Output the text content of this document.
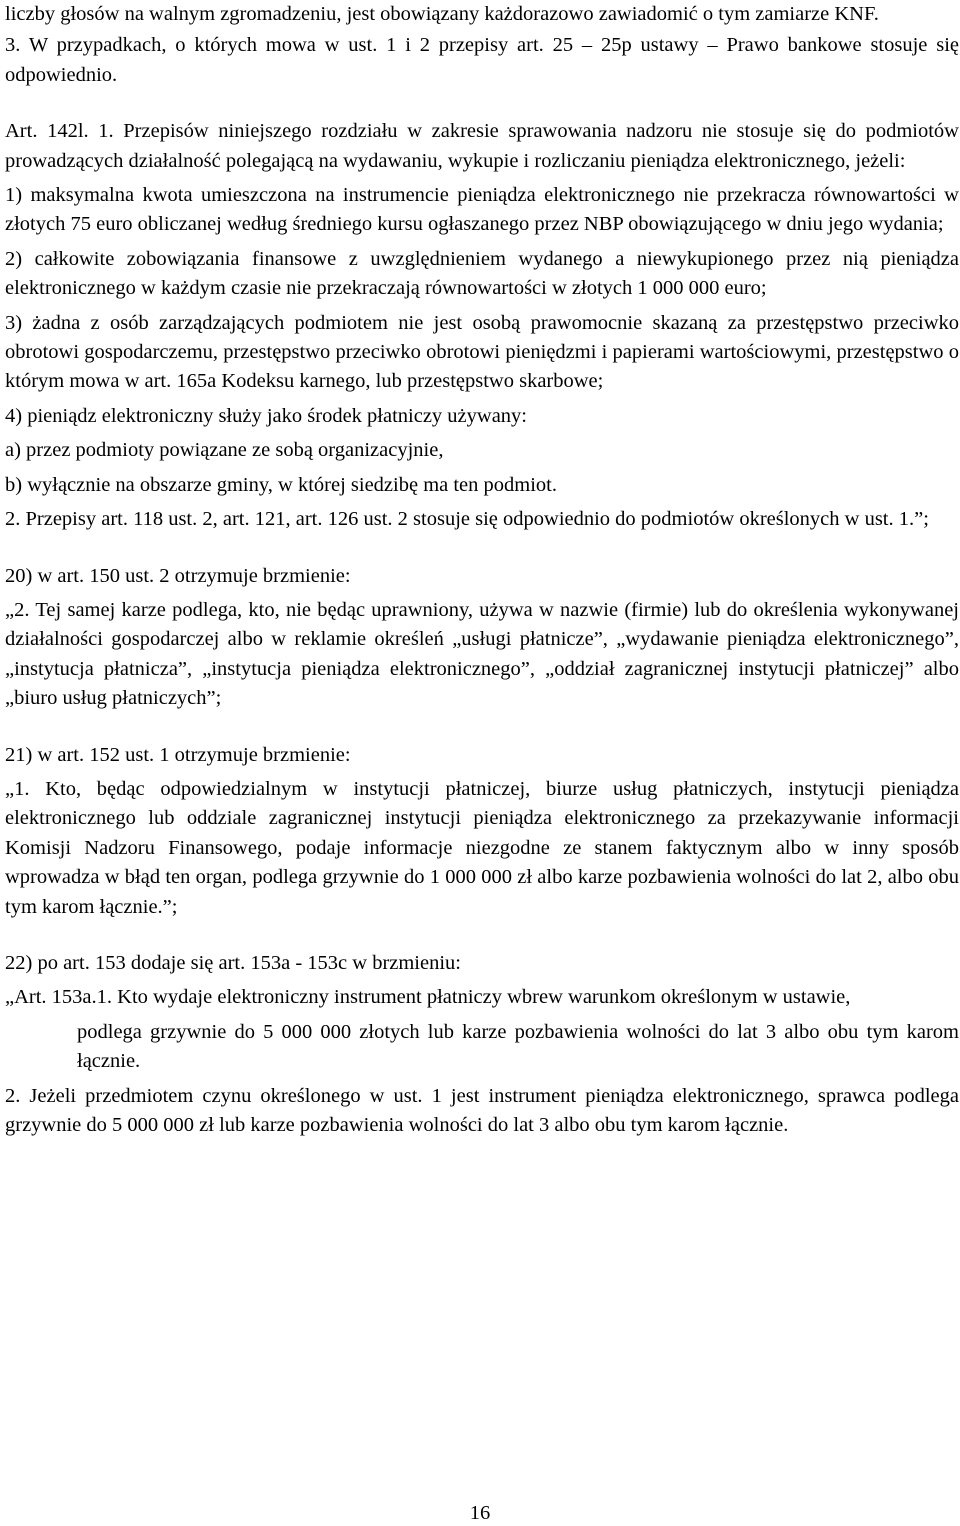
liczby głosów na walnym zgromadzeniu, jest obowiązany każdorazowo zawiadomić o tym zamiarze KNF.

3. W przypadkach, o których mowa w ust. 1 i 2 przepisy art. 25 – 25p ustawy – Prawo bankowe stosuje się odpowiednio.

Art. 142l. 1. Przepisów niniejszego rozdziału w zakresie sprawowania nadzoru nie stosuje się do podmiotów prowadzących działalność polegającą na wydawaniu, wykupie i rozliczaniu pieniądza elektronicznego, jeżeli:

1) maksymalna kwota umieszczona na instrumencie pieniądza elektronicznego nie przekracza równowartości w złotych 75 euro obliczanej według średniego kursu ogłaszanego przez NBP obowiązującego w dniu jego wydania;

2) całkowite zobowiązania finansowe z uwzględnieniem wydanego a niewykupionego przez nią pieniądza elektronicznego w każdym czasie nie przekraczają równowartości w złotych 1 000 000 euro;

3) żadna z osób zarządzających podmiotem nie jest osobą prawomocnie skazaną za przestępstwo przeciwko obrotowi gospodarczemu, przestępstwo przeciwko obrotowi pieniędzmi i papierami wartościowymi, przestępstwo o którym mowa w art. 165a Kodeksu karnego, lub przestępstwo skarbowe;

4) pieniądz elektroniczny służy jako środek płatniczy używany:

a) przez podmioty powiązane ze sobą organizacyjnie,

b) wyłącznie na obszarze gminy, w której siedzibę ma ten podmiot.

2. Przepisy art. 118 ust. 2, art. 121, art. 126 ust. 2 stosuje się odpowiednio do podmiotów określonych w ust. 1.”;

20) w art. 150 ust. 2 otrzymuje brzmienie:

„2. Tej samej karze podlega, kto, nie będąc uprawniony, używa w nazwie (firmie) lub do określenia wykonywanej działalności gospodarczej albo w reklamie określeń „usługi płatnicze”, „wydawanie pieniądza elektronicznego”, „instytucja płatnicza”, „instytucja pieniądza elektronicznego”, „oddział zagranicznej instytucji płatniczej” albo „biuro usług płatniczych”;

21) w art. 152 ust. 1 otrzymuje brzmienie:

„1. Kto, będąc odpowiedzialnym w instytucji płatniczej, biurze usług płatniczych, instytucji pieniądza elektronicznego lub oddziale zagranicznej instytucji pieniądza elektronicznego za przekazywanie informacji Komisji Nadzoru Finansowego, podaje informacje niezgodne ze stanem faktycznym albo w inny sposób wprowadza w błąd ten organ, podlega grzywnie do 1 000 000 zł albo karze pozbawienia wolności do lat 2, albo obu tym karom łącznie.”;

22) po art. 153 dodaje się art. 153a - 153c w brzmieniu:

„Art. 153a.1. Kto wydaje elektroniczny instrument płatniczy wbrew warunkom określonym w ustawie,

podlega grzywnie do 5 000 000 złotych lub karze pozbawienia wolności do lat 3 albo obu tym karom łącznie.

2. Jeżeli przedmiotem czynu określonego w ust. 1 jest instrument pieniądza elektronicznego, sprawca podlega grzywnie do 5 000 000 zł lub karze pozbawienia wolności do lat 3 albo obu tym karom łącznie.

16
